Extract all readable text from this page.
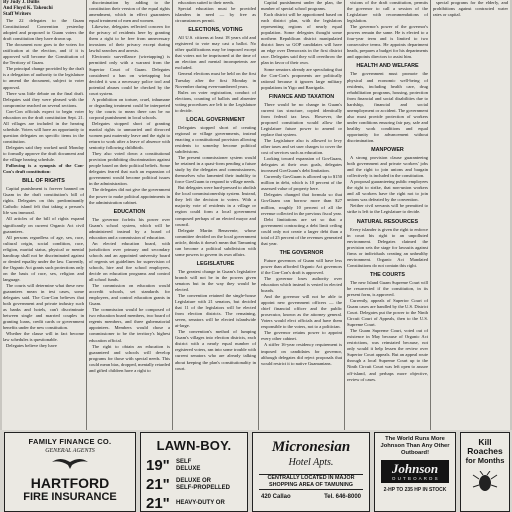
By Judy J. Dullis
And Floyd K. Takeuchi
Staff Writers

The 22 delegates to the Guam Constitutional Convention yesterday adopted and proposed to Guam voters the draft constitution they have drawn up.

The document now goes to the voters for ratification at the election, and if it is approved will become the Constitution of the Territory of Guam.

The principal change provided by the draft is a delegation of authority to the legislature to amend the document, subject to voter approval.

There was little debate on the final draft. Delegates said they were pleased with the compromise reached on several sections.

Con-Con officials expect to begin voter education on the draft constitution Sept. 21. All villages are included in the hearing schedule. Voters will have an opportunity to question delegates on specific items in the constitution.

Delegates said they worked until Monday to formally approve the draft document and the village hearing schedule.

Following is a synopsis of the Con-Con's draft constitution:

BILL OF RIGHTS

Capital punishment is forever banned on Guam in the draft constitution's bill of rights. Delegates on this predominantly Catholic island felt that taking a person's life was immoral.

All articles of the bill of rights expand significantly on current Organic Act civil guarantees.

All persons regardless of age, sex, race, cultural origin, social condition, race, religion, marital status, physical or mental handicap shall not be discriminated against or denied equality under the law. Currently, the Organic Act grants such protections only on the basis of race, sex, religion and language.

The courts will determine what these new guarantees mean in test cases, some delegates said. The Con-Con believes that both government and private industry such as banks and hotels, can't discriminate between single and married couples in granting loans, credit cards or government benefits under the new constitution.

Whether the clause will in fact become law schedules is questionable.

Delegates believe they have

discrimination by adding to the constitution their version of the equal rights amendment, which in effect guarantees equal treatment of men and women.

Likewise, delegates reflected concern for the privacy of residents here by granting them a right to be free from unnecessary invasions of their privacy except during lawful searches and arrests.

Electronic surveillance (wiretapping) is permitted only with a warrant from the Superior Court of Guam. Delegates considered a ban on wiretapping but decided it was a necessary police tool and potential abuses could be checked by the court system.

A prohibition on torture, cruel, inhumane or degrading treatment could be interpreted by the courts to mean there can be no corporal punishment in local schools.

Delegates stopped short of granting marital rights to unmarried and divorced women past maternity leave and the right to return to work after a leave of absence with seniority following childbirth.

They also voted down a constitutional provision prohibiting discrimination against people based on their political beliefs. Some delegates feared that such an expansion of government would become political issues in the administration.

The delegates did not give the government the power to make political appointments in the administration cabinet.

EDUCATION

The governor forfeits his power over Guam's school system, which will be administered instead by a board of education and a commission of education.

An elected education board, with jurisdiction over primary and secondary schools and an appointed university board of regents set guidelines for supervision of schools, hire and fire school employees, decide on education programs and control all school funds.

The commission on education would accredit schools, set standards for employees, and control education grants in Guam.

The commission would be composed of two education board members, two board of regents members, and three gubernatorial appointees. Members would chose a commissioner to be the territory's highest education official.

The right to obtain an education is guaranteed and schools will develop programs for those with special needs. This could mean bias, dropped, mentally retarded and gifted children have a right to

education suited to their needs.

Special education must be provided islanders in need — by free as circumstances permit.

ELECTIONS, VOTING

All U.S. citizens at least 18 years old and registered to vote may cast a ballot. No other qualifications may be imposed except that voters not be imprisoned at the time of an election and mental incompetents are excluded.

General elections must be held on the first Tuesday after the first Monday in November during even-numbered years.

Rules on voter registration, conduct of elections, counting of ballots and absentee voting procedures are left to the Legislature to decide.

LOCAL GOVERNMENT

Delegates stopped short of creating regional or village governments, instead enacting a constitutional provision allowing residents to someday become political subdivisions.

The present commissioner system would be retained in a quasi-form pending a future study by the delegates and commissioners, themselves who lamented their inability to force GovGuam to respond to village needs.

But delegates were hard-pressed to abolish the local commissionership system. Instead, they left the decision to voters. With a majority vote of residents in a village or region could form a local government composed perhaps of an elected mayor and council.

Delegate Martin Benavente, whose committee decided on the local government article, thinks it doesn't mean that Tamuning can become a political subdivision with some powers to govern its own affairs.

LEGISLATURE

The greatest change in Guam's legislative branch will not be in the powers given senators but in the way they would be elected.

The convention retained the single-house Legislature with 21 senators, but decided that 11 of the legislators will be elected from election districts. The remaining, seven, senators will be elected islandwide at-large.

The convention's method of lumping Guam's villages into election districts, each district with a nearly equal number of registered voters, ran into some trouble with current senators who are already talking about keeping the plan's constitutionality in court.

Capital punishment under the plan, the number of special school programs.

Each district will be apportioned based on each district plan, with the legislators representing regions of nearly equal population. Some delegates thought some northern Republican district manipulated district lines so GOP candidates will have an edge over Democrats in the first district race. Delegates said they will overthrow the plan in favor of their own.

Some senators already are speculating that the Con-Con's proponents are politically rational because it ignores large military populations in Yigo and Barrigada.

FINANCE AND TAXATION

There would be no change in Guam's current tax structure, copied identically from federal tax laws. However, the proposed constitution would allow the Legislature future power to amend or replace that system.

The Legislature also is allowed to levy other taxes and set user charges to cover the cost of services such as education.

Looking toward expansion of GovGuam, delegates at their own goals, delegates increased GovGuam's debt limitation.

Currently GovGuam is allowed up to $150 million in debt, which is 10 percent of the assessed value of property here.

Delegates changed that formula so that GovGuam can borrow more than $27 million, roughly 10 percent of all the revenue collected in the previous fiscal year.

Debt limitations are set so that a government contracting a debt limit ceiling could only not create a larger debt than a total of 25 percent of the revenues generated that year.

THE GOVERNOR

Future governors of Guam will have less power than afforded Organic Act governors if the Con-Con's draft is approved.

The governor loses authority over education which instead is vested in elected boards.

And the governor will not be able to appoint new government officers — the chief financial officer and the public prosecutor, known as the attorney general. Voters would elect officials and have them responsible to the voters, not to a politician.

The governor retains power to appoint every other cabinet.

A stiffer 16-year residency requirement is imposed on candidates for governor, although delegates did reject proposals that would restrict it to native Guamanians.

visions of the draft constitution, permits the governor to call a session of the Legislature with recommendations of legislation.

The governor's power of the governor's powers remain the same. He is elected to a four-year term and is limited to two consecutive terms. He appoints department heads, prepares a budget for his departments and appoints directors to assist him.

HEALTH AND WELFARE

The government must promote the physical and economic well-being of residents, including health care, drug rehabilitation programs, housing, protection from financial and social disabilities due to hardship, financial and social unemployment or accident. The government also must provide protection of workers under conditions ensuring fair pay, safe and healthy work conditions and equal opportunity for advancement without discrimination.

MANPOWER

A strong provision clause guaranteeing both government and private workers' jobs and the right to join unions and bargain collectively is included in the constitution.

A proposal guaranteeing public employees the right to strike, that non-union workers and all workers have the right not to join unions was defeated by the convention.

Neither civil servants will be permitted to strike is left to the Legislature to decide.

NATURAL RESOURCES

Every islander is given the right to enforce in court his right to an unpolluted environment. Delegates claimed the provision sets the stage for lawsuits against firms or individuals creating an unhealthy environment. Organic Act Mandated Constitutions do not contain this right.

THE COURTS

The new Island Guam Supreme Court will be resurrected if the constitution, in its present form, is approved.

Currently, appeals of Superior Court of Guam cases are handled by the U.S. District Court. Delegates put the power to the Ninth Circuit Court of Appeals, then to the U.S. Supreme Court.

The Guam Supreme Court, voted out of existence in May because of Organic Act restrictions, was reinstated because, not only would it help lessen the review over Superior Court appeals. But an appeal route through a local Supreme Court up to the Ninth Circuit Court was left open to assure off-island, and perhaps more objective, review of cases.

special programs for the elderly, and prohibitions against contracted water rates or capital.

FAMILY FINANCE CO.
GENERAL AGENTS
HARTFORD
FIRE INSURANCE
LAWN-BOY.
19"	SELF
DELUXE
21"	DELUXE OR
SELF-PROPELLED
21"	HEAVY-DUTY OR
Micronesian
Hotel Apts.
CENTRALLY LOCATED IN MAJOR
SHOPPING AREA OF TAMUNING
420 Callao	Tel. 646-8000
The World Runs More
Johnson Than Any Other
Outboard!
Johnson
O U T B O A R D S
2-HP TO 235 HP IN STOCK
Kill Roaches
for Months
